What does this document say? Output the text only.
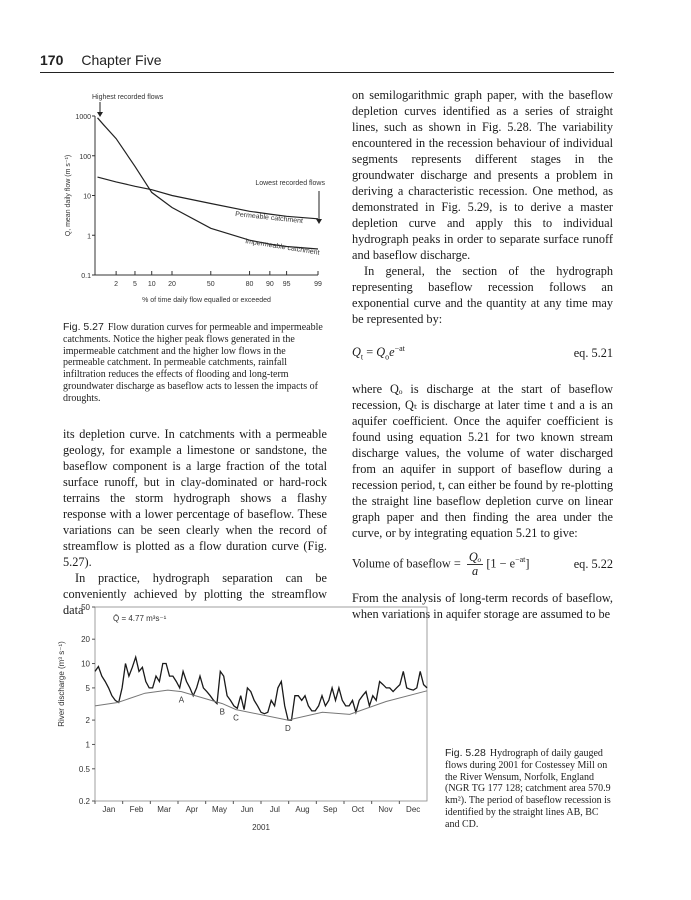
170 Chapter Five
0.1
1
10
100
1000
2 5 10 20	50	80 90 95	99
% of time daily flow equalled or exceeded
Q, mean daily flow (m s⁻¹)
Impermeable catchment
Permeable catchment
Highest recorded flows
Lowest recorded flows
Fig. 5.27 Flow duration curves for permeable and impermeable catchments. Notice the higher peak flows generated in the impermeable catchment and the higher low flows in the permeable catchment. In permeable catchments, rainfall infiltration reduces the effects of flooding and long-term groundwater discharge as baseflow acts to lessen the impacts of droughts.

its depletion curve. In catchments with a permeable geology, for example a limestone or sandstone, the baseflow component is a large fraction of the total surface runoff, but in clay-dominated or hard-rock terrains the storm hydrograph shows a flashy response with a lower percentage of baseflow. These variations can be seen clearly when the record of streamflow is plotted as a flow duration curve (Fig. 5.27).

In practice, hydrograph separation can be conveniently achieved by plotting the streamflow data

on semilogarithmic graph paper, with the baseflow depletion curves identified as a series of straight lines, such as shown in Fig. 5.28. The variability encountered in the recession behaviour of individual segments represents different stages in the groundwater discharge and presents a problem in deriving a characteristic recession. One method, as demonstrated in Fig. 5.29, is to derive a master depletion curve and apply this to individual hydrograph peaks in order to separate surface runoff and baseflow discharge.

In general, the section of the hydrograph representing baseflow recession follows an exponential curve and the quantity at any time may be represented by:

$Q_t = Q_oe^{-at}$	eq. 5.21

where Qₒ is discharge at the start of baseflow recession, Qₜ is discharge at later time t and a is an aquifer coefficient. Once the aquifer coefficient is found using equation 5.21 for two known stream discharge values, the volume of water discharged from an aquifer in support of baseflow during a recession period, t, can either be found by re-plotting the straight line baseflow depletion curve on linear graph paper and then finding the area under the curve, or by integrating equation 5.21 to give:

Volume of baseflow = $\frac{\text{Qₒ}}{a} [1 - e^{-at}]$	eq. 5.22

From the analysis of long-term records of baseflow, when variations in aquifer storage are assumed to be

0.2
0.5
1
2
5
10
20
50
Jan Feb Mar Apr May Jun Jul Aug Sep Oct Nov Dec
2001
River discharge (m³ s⁻¹)
Q̄ = 4.77 m³s⁻¹
A
B
C
D
Fig. 5.28 Hydrograph of daily gauged flows during 2001 for Costessey Mill on the River Wensum, Norfolk, England (NGR TG 177 128; catchment area 570.9 km²). The period of baseflow recession is identified by the straight lines AB, BC and CD.
